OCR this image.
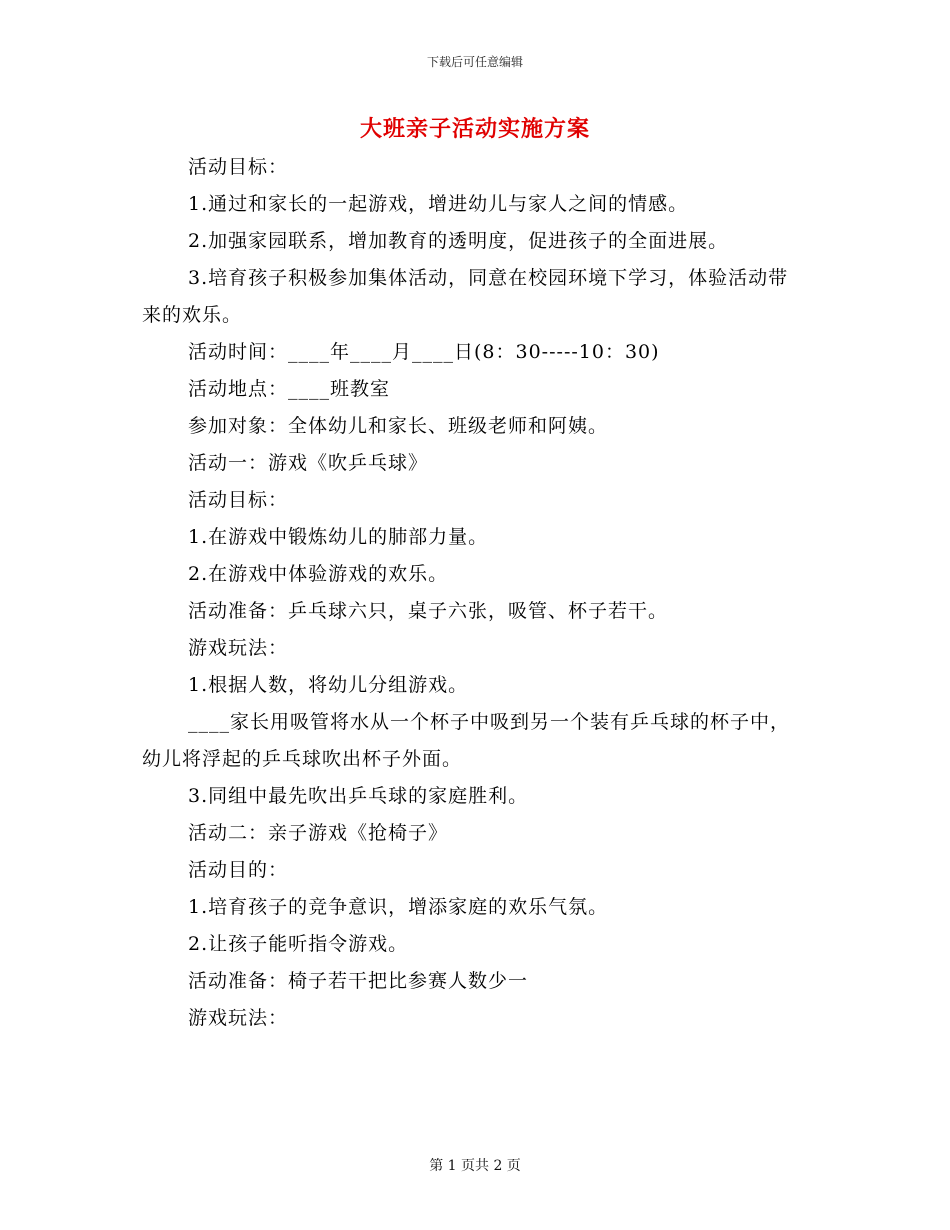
下载后可任意编辑
大班亲子活动实施方案

活动目标：

1.通过和家长的一起游戏，增进幼儿与家人之间的情感。

2.加强家园联系，增加教育的透明度，促进孩子的全面进展。

3.培育孩子积极参加集体活动，同意在校园环境下学习，体验活动带来的欢乐。

活动时间：____年____月____日(8：30-----10：30)

活动地点：____班教室

参加对象：全体幼儿和家长、班级老师和阿姨。

活动一：游戏《吹乒乓球》

活动目标：

1.在游戏中锻炼幼儿的肺部力量。

2.在游戏中体验游戏的欢乐。

活动准备：乒乓球六只，桌子六张，吸管、杯子若干。

游戏玩法：

1.根据人数，将幼儿分组游戏。

____家长用吸管将水从一个杯子中吸到另一个装有乒乓球的杯子中，幼儿将浮起的乒乓球吹出杯子外面。

3.同组中最先吹出乒乓球的家庭胜利。

活动二：亲子游戏《抢椅子》

活动目的：

1.培育孩子的竞争意识，增添家庭的欢乐气氛。

2.让孩子能听指令游戏。

活动准备：椅子若干把比参赛人数少一

游戏玩法：

第 1 页共 2 页
